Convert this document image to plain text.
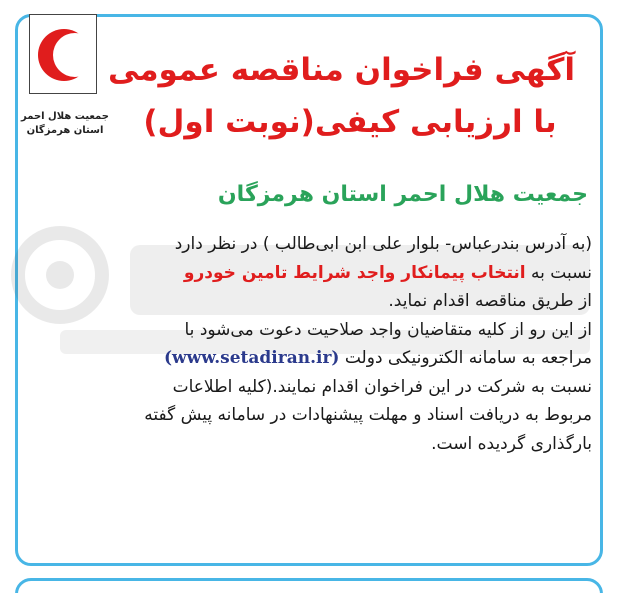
جمعیت هلال احمر
استان هرمزگان
آگهی فراخوان مناقصه عمومی
با ارزیابی کیفی(نوبت اول)
جمعیت هلال احمر استان هرمزگان
(به آدرس بندرعباس- بلوار علی ابن ابی‌طالب ) در نظر دارد
نسبت به انتخاب پیمانکار واجد شرایط تامین خودرو
از طریق مناقصه اقدام نماید.
از این رو از کلیه متقاضیان واجد صلاحیت دعوت می‌شود با
مراجعه به سامانه الکترونیکی دولت (www.setadiran.ir)
نسبت به شرکت در این فراخوان اقدام نمایند.(کلیه اطلاعات
مربوط به دریافت اسناد و مهلت پیشنهادات در سامانه پیش گفته
بارگذاری گردیده است.
